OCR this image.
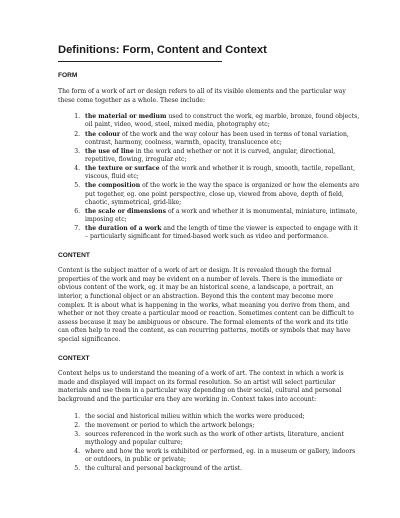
Definitions: Form, Content and Context
FORM

The form of a work of art or design refers to all of its visible elements and the particular way these come together as a whole. These include:

1. the material or medium used to construct the work, eg marble, bronze, found objects, oil paint, video, wood, steel, mixed media, photography etc;
2. the colour of the work and the way colour has been used in terms of tonal variation, contrast, harmony, coolness, warmth, opacity, translucence etc;
3. the use of line in the work and whether or not it is curved, angular, directional, repetitive, flowing, irregular etc;
4. the texture or surface of the work and whether it is rough, smooth, tactile, repellant, viscous, fluid etc;
5. the composition of the work ie the way the space is organized or how the elements are put together, eg. one point perspective, close up, viewed from above, depth of field, chaotic, symmetrical, grid-like;
6. the scale or dimensions of a work and whether it is monumental, miniature, intimate, imposing etc;
7. the duration of a work and the length of time the viewer is expected to engage with it – particularly significant for timed-based work such as video and performance.
CONTENT

Content is the subject matter of a work of art or design. It is revealed though the formal properties of the work and may be evident on a number of levels. There is the immediate or obvious content of the work, eg. it may be an historical scene, a landscape, a portrait, an interior, a functional object or an abstraction. Beyond this the content may become more complex. It is about what is happening in the works, what meaning you derive from them, and whether or not they create a particular mood or reaction. Sometimes content can be difficult to assess because it may be ambiguous or obscure. The formal elements of the work and its title can often help to read the content, as can recurring patterns, motifs or symbols that may have special significance.

CONTEXT

Context helps us to understand the meaning of a work of art. The context in which a work is made and displayed will impact on its formal resolution. So an artist will select particular materials and use them in a particular way depending on their social, cultural and personal background and the particular era they are working in. Context takes into account:

1. the social and historical milieu within which the works were produced;
2. the movement or period to which the artwork belongs;
3. sources referenced in the work such as the work of other artists, literature, ancient mythology and popular culture;
4. where and how the work is exhibited or performed, eg. in a museum or gallery, indoors or outdoors, in public or private;
5. the cultural and personal background of the artist.
